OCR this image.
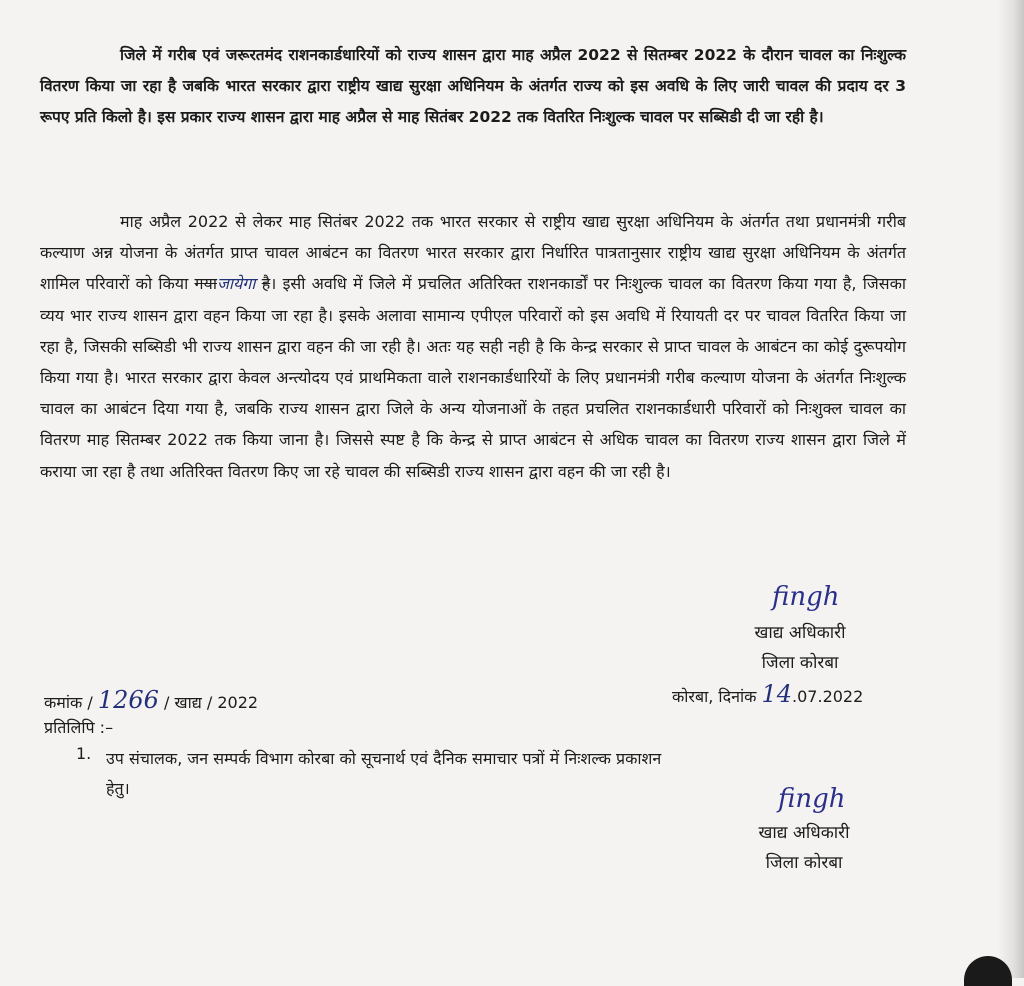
जिले में गरीब एवं जरूरतमंद राशनकार्डधारियों को राज्य शासन द्वारा माह अप्रैल 2022 से सितम्बर 2022 के दौरान चावल का निःशुल्क वितरण किया जा रहा है जबकि भारत सरकार द्वारा राष्ट्रीय खाद्य सुरक्षा अधिनियम के अंतर्गत राज्य को इस अवधि के लिए जारी चावल की प्रदाय दर 3 रूपए प्रति किलो है। इस प्रकार राज्य शासन द्वारा माह अप्रैल से माह सितंबर 2022 तक वितरित निःशुल्क चावल पर सब्सिडी दी जा रही है।

माह अप्रैल 2022 से लेकर माह सितंबर 2022 तक भारत सरकार से राष्ट्रीय खाद्य सुरक्षा अधिनियम के अंतर्गत तथा प्रधानमंत्री गरीब कल्याण अन्न योजना के अंतर्गत प्राप्त चावल आबंटन का वितरण भारत सरकार द्वारा निर्धारित पात्रतानुसार राष्ट्रीय खाद्य सुरक्षा अधिनियम के अंतर्गत शामिल परिवारों को किया गयाजायेगा है। इसी अवधि में जिले में प्रचलित अतिरिक्त राशनकार्डों पर निःशुल्क चावल का वितरण किया गया है, जिसका व्यय भार राज्य शासन द्वारा वहन किया जा रहा है। इसके अलावा सामान्य एपीएल परिवारों को इस अवधि में रियायती दर पर चावल वितरित किया जा रहा है, जिसकी सब्सिडी भी राज्य शासन द्वारा वहन की जा रही है। अतः यह सही नही है कि केन्द्र सरकार से प्राप्त चावल के आबंटन का कोई दुरूपयोग किया गया है। भारत सरकार द्वारा केवल अन्त्योदय एवं प्राथमिकता वाले राशनकार्डधारियों के लिए प्रधानमंत्री गरीब कल्याण योजना के अंतर्गत निःशुल्क चावल का आबंटन दिया गया है, जबकि राज्य शासन द्वारा जिले के अन्य योजनाओं के तहत प्रचलित राशनकार्डधारी परिवारों को निःशुक्ल चावल का वितरण माह सितम्बर 2022 तक किया जाना है। जिससे स्पष्ट है कि केन्द्र से प्राप्त आबंटन से अधिक चावल का वितरण राज्य शासन द्वारा जिले में कराया जा रहा है तथा अतिरिक्त वितरण किए जा रहे चावल की सब्सिडी राज्य शासन द्वारा वहन की जा रही है।

fingh
खाद्य अधिकारी
जिला कोरबा
कमांक / 1266 / खाद्य / 2022	कोरबा, दिनांक 14.07.2022
प्रतिलिपि :–
1. उप संचालक, जन सम्पर्क विभाग कोरबा को सूचनार्थ एवं दैनिक समाचार पत्रों में निःशल्क प्रकाशन
हेतु।	fingh
खाद्य अधिकारी
जिला कोरबा
